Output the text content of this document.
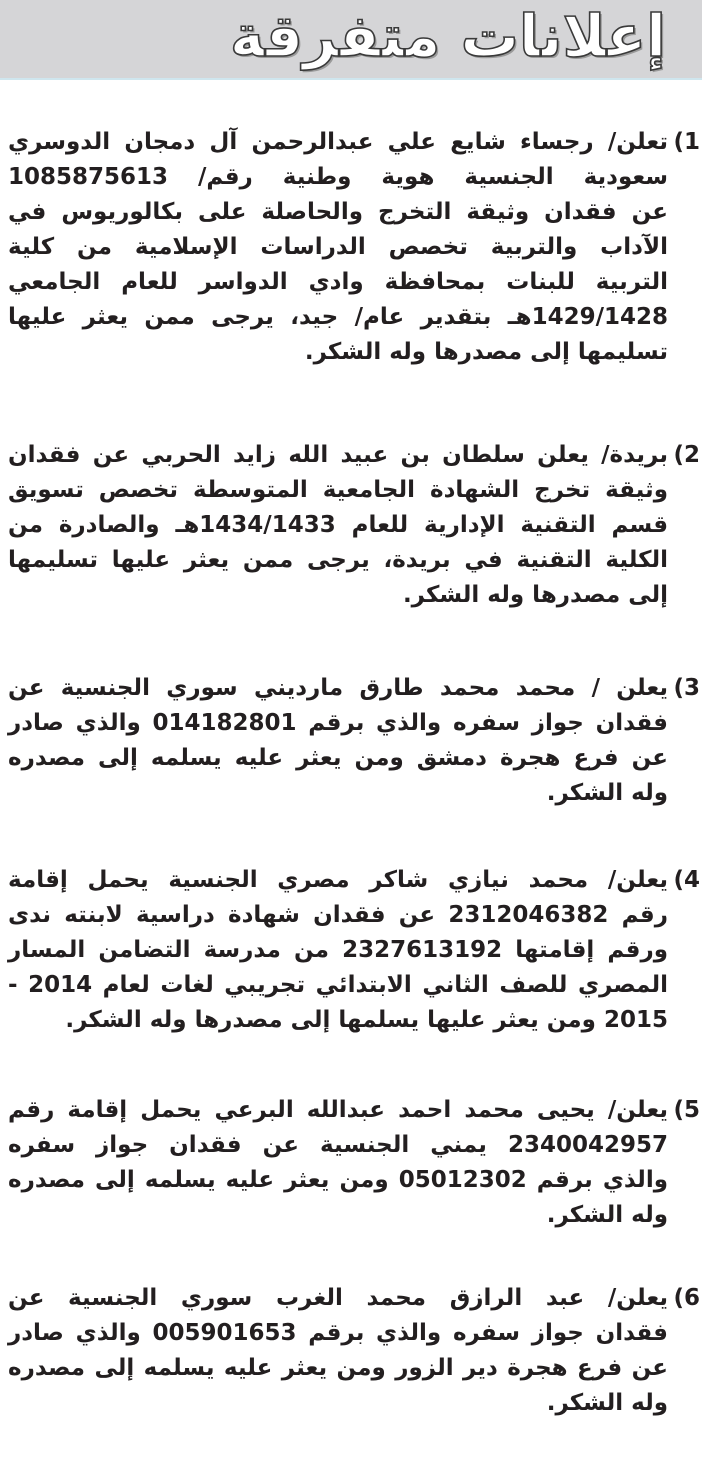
إعلانات متفرقة
1)
تعلن/ رجساء شايع علي عبدالرحمن آل دمجان الدوسري
سعودية الجنسية هوية وطنية رقم/ 1085875613
عن فقدان وثيقة التخرج والحاصلة على بكالوريوس في
الآداب والتربية تخصص الدراسات الإسلامية من كلية
التربية للبنات بمحافظة وادي الدواسر للعام الجامعي
1429/1428هـ بتقدير عام/ جيد، يرجى ممن يعثر عليها
تسليمها إلى مصدرها وله الشكر.
2)
بريدة/ يعلن سلطان بن عبيد الله زايد الحربي عن فقدان
وثيقة تخرج الشهادة الجامعية المتوسطة تخصص تسويق
قسم التقنية الإدارية للعام 1434/1433هـ والصادرة من
الكلية التقنية في بريدة، يرجى ممن يعثر عليها تسليمها
إلى مصدرها وله الشكر.
3)
يعلن / محمد محمد طارق مارديني سوري الجنسية عن
فقدان جواز سفره والذي برقم 014182801 والذي صادر
عن فرع هجرة دمشق ومن يعثر عليه يسلمه إلى مصدره
وله الشكر.
4)
يعلن/ محمد نيازي شاكر مصري الجنسية يحمل إقامة
رقم 2312046382 عن فقدان شهادة دراسية لابنته ندى
ورقم إقامتها 2327613192 من مدرسة التضامن المسار
المصري للصف الثاني الابتدائي تجريبي لغات لعام 2014 -
2015 ومن يعثر عليها يسلمها إلى مصدرها وله الشكر.
5)
يعلن/ يحيى محمد احمد عبدالله البرعي يحمل إقامة رقم
2340042957 يمني الجنسية عن فقدان جواز سفره
والذي برقم 05012302 ومن يعثر عليه يسلمه إلى مصدره
وله الشكر.
6)
يعلن/ عبد الرازق محمد الغرب سوري الجنسية عن
فقدان جواز سفره والذي برقم 005901653 والذي صادر
عن فرع هجرة دير الزور ومن يعثر عليه يسلمه إلى مصدره
وله الشكر.
